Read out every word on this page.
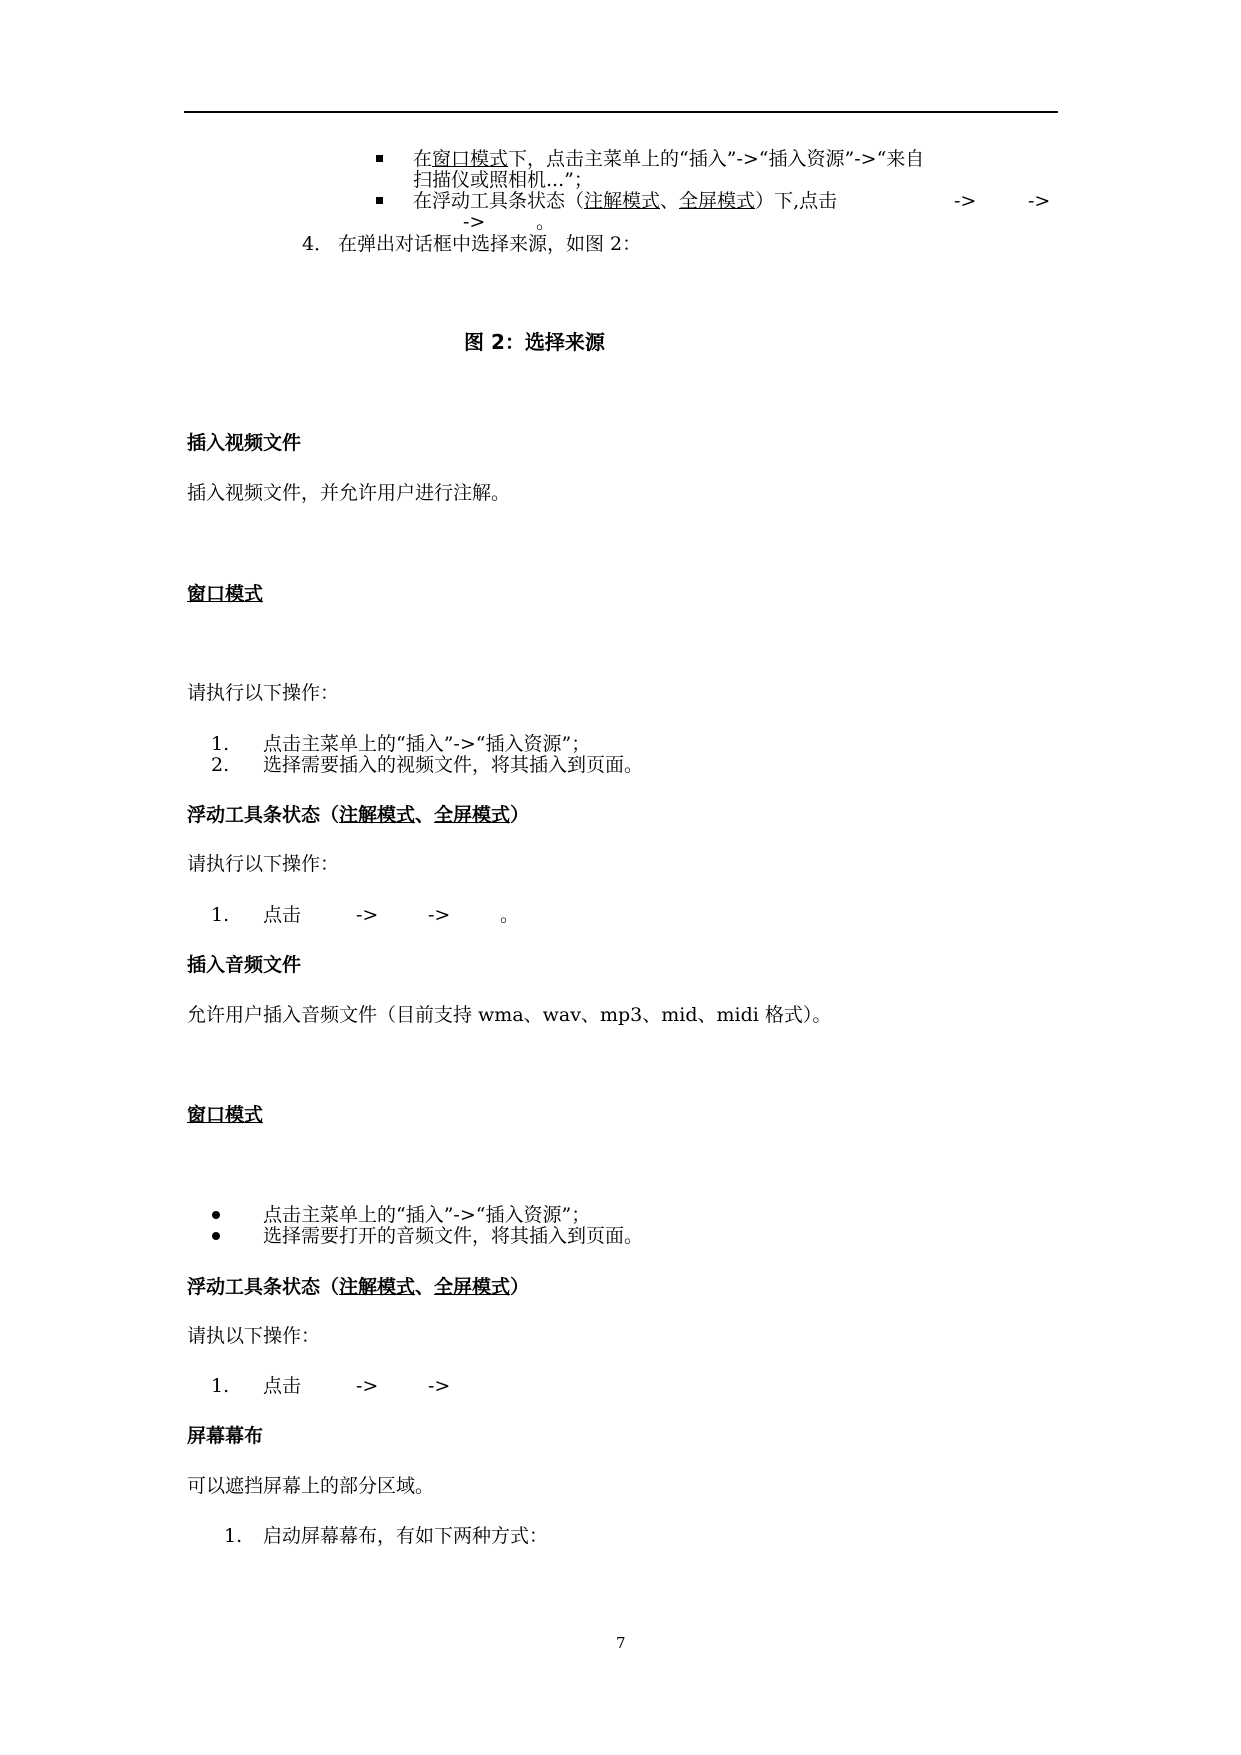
在窗口模式下，点击主菜单上的“插入”->“插入资源”->“来自
扫描仪或照相机...”；
在浮动工具条状态（注解模式、全屏模式）下,点击	->	->
->	。
4． 在弹出对话框中选择来源，如图 2：
图 2：选择来源
插入视频文件
插入视频文件，并允许用户进行注解。
窗口模式
请执行以下操作：
1. 点击主菜单上的“插入”->“插入资源”；
2. 选择需要插入的视频文件，将其插入到页面。
浮动工具条状态（注解模式、全屏模式）
请执行以下操作：
1. 点击	->	->	。
插入音频文件
允许用户插入音频文件（目前支持 wma、wav、mp3、mid、midi 格式）。
窗口模式
点击主菜单上的“插入”->“插入资源”；
选择需要打开的音频文件，将其插入到页面。
浮动工具条状态（注解模式、全屏模式）
请执以下操作：
1. 点击	->	->
屏幕幕布
可以遮挡屏幕上的部分区域。
1. 启动屏幕幕布，有如下两种方式：
7
